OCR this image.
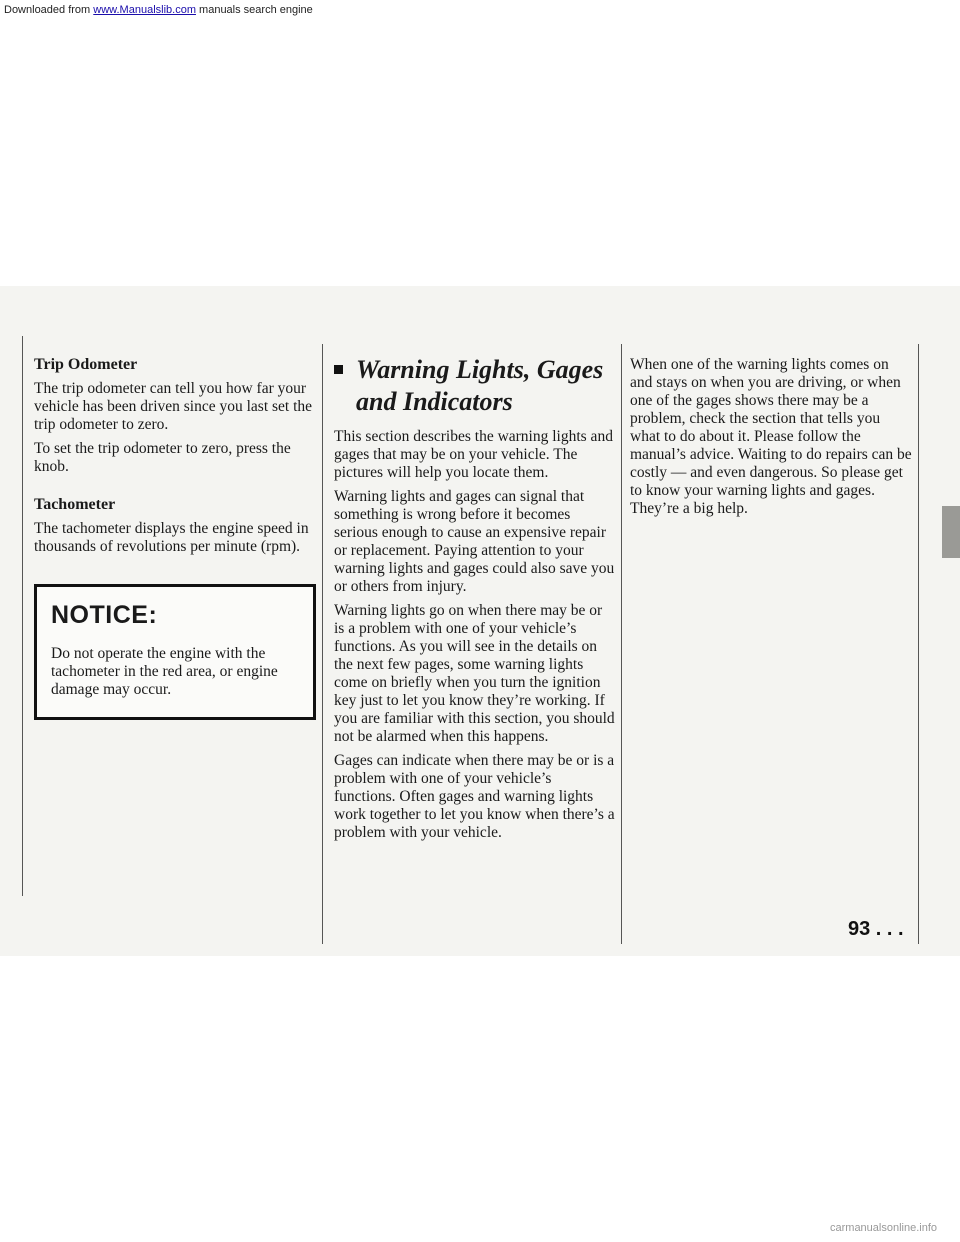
Downloaded from www.Manualslib.com manuals search engine
Trip Odometer

The trip odometer can tell you how far your vehicle has been driven since you last set the trip odometer to zero.

To set the trip odometer to zero, press the knob.

Tachometer

The tachometer displays the engine speed in thousands of revolutions per minute (rpm).

NOTICE:

Do not operate the engine with the tachometer in the red area, or engine damage may occur.

Warning Lights, Gages and Indicators

This section describes the warning lights and gages that may be on your vehicle. The pictures will help you locate them.

Warning lights and gages can signal that something is wrong before it becomes serious enough to cause an expensive repair or replacement. Paying attention to your warning lights and gages could also save you or others from injury.

Warning lights go on when there may be or is a problem with one of your vehicle’s functions. As you will see in the details on the next few pages, some warning lights come on briefly when you turn the ignition key just to let you know they’re working. If you are familiar with this section, you should not be alarmed when this happens.

Gages can indicate when there may be or is a problem with one of your vehicle’s functions. Often gages and warning lights work together to let you know when there’s a problem with your vehicle.

When one of the warning lights comes on and stays on when you are driving, or when one of the gages shows there may be a problem, check the section that tells you what to do about it. Please follow the manual’s advice. Waiting to do repairs can be costly — and even dangerous. So please get to know your warning lights and gages. They’re a big help.

93 . . .
carmanualsonline.info
